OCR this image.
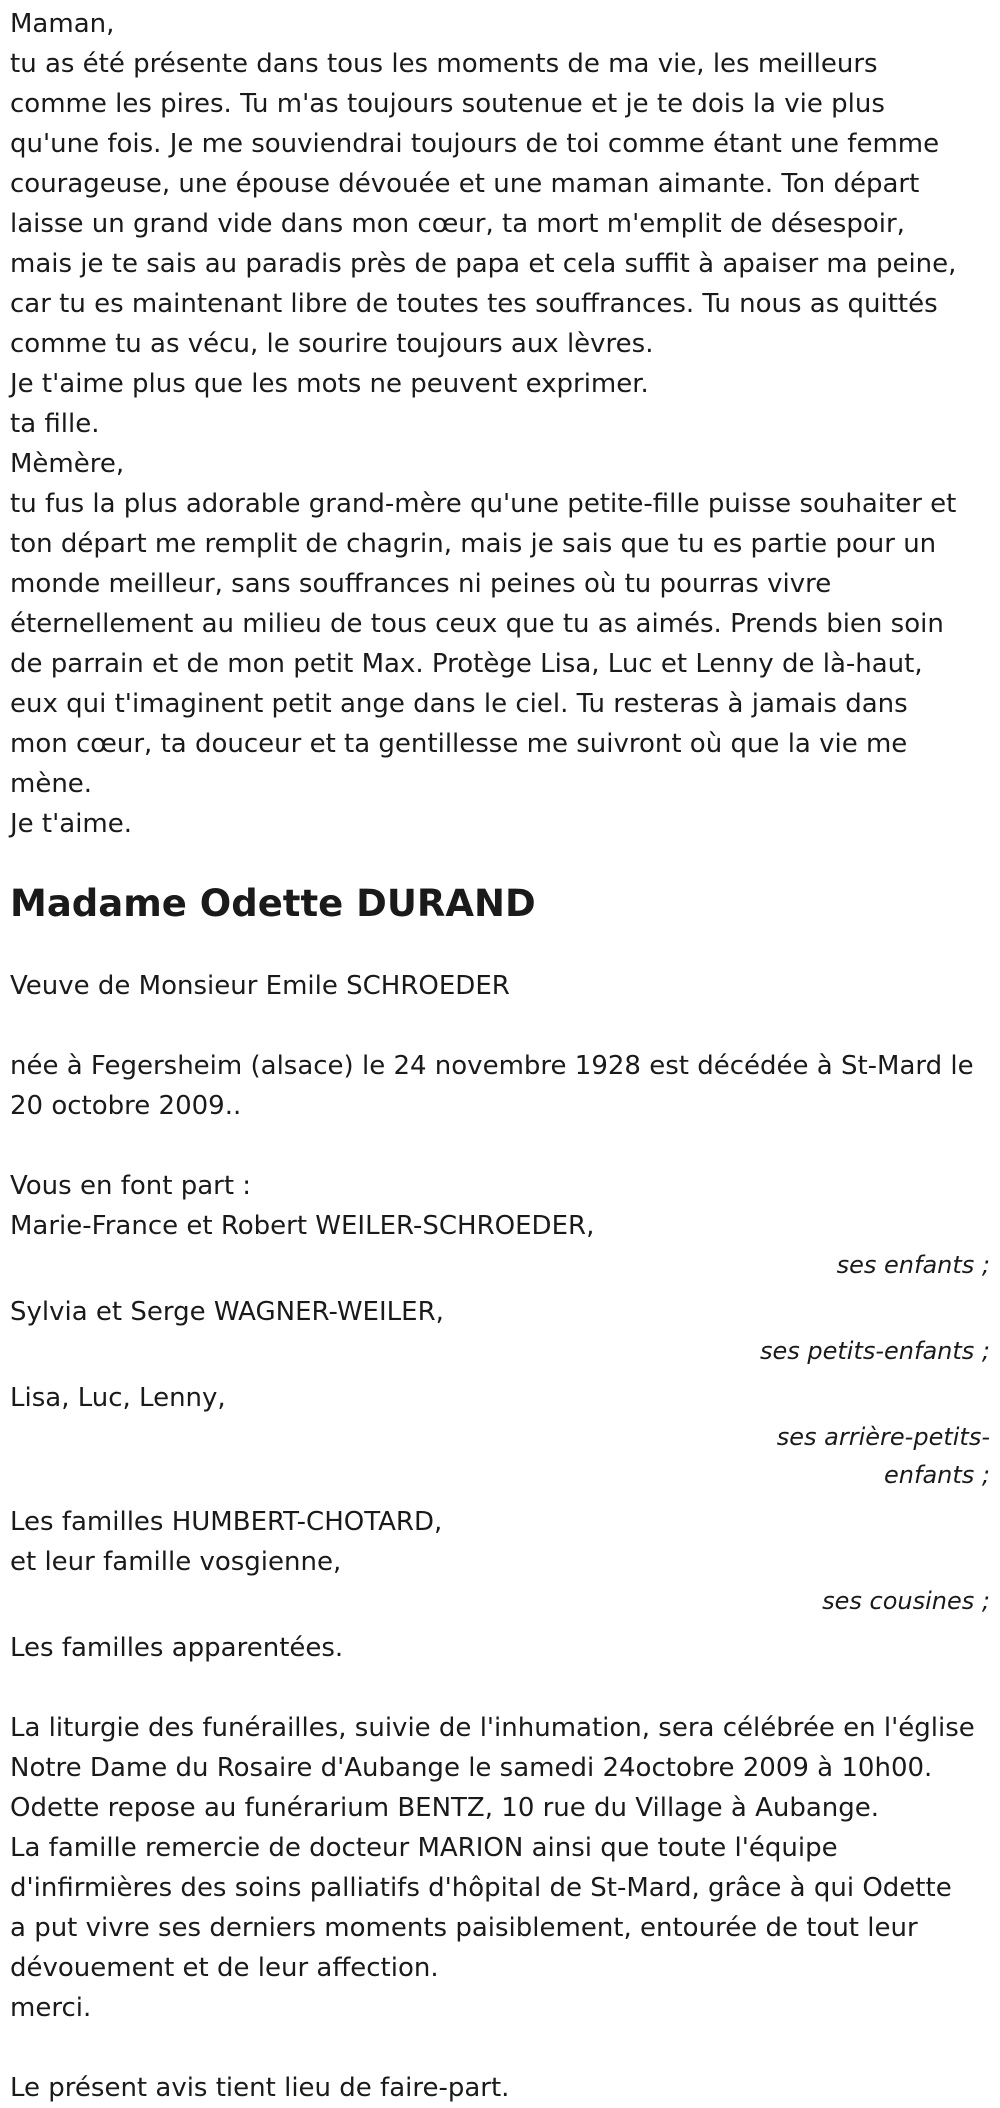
Maman,

tu as été présente dans tous les moments de ma vie, les meilleurs

comme les pires. Tu m'as toujours soutenue et je te dois la vie plus

qu'une fois. Je me souviendrai toujours de toi comme étant une femme

courageuse, une épouse dévouée et une maman aimante. Ton départ

laisse un grand vide dans mon cœur, ta mort m'emplit de désespoir,

mais je te sais au paradis près de papa et cela suffit à apaiser ma peine,

car tu es maintenant libre de toutes tes souffrances. Tu nous as quittés

comme tu as vécu, le sourire toujours aux lèvres.

Je t'aime plus que les mots ne peuvent exprimer.

ta fille.

Mèmère,

tu fus la plus adorable grand-mère qu'une petite-fille puisse souhaiter et

ton départ me remplit de chagrin, mais je sais que tu es partie pour un

monde meilleur, sans souffrances ni peines où tu pourras vivre

éternellement au milieu de tous ceux que tu as aimés. Prends bien soin

de parrain et de mon petit Max. Protège Lisa, Luc et Lenny de là-haut,

eux qui t'imaginent petit ange dans le ciel. Tu resteras à jamais dans

mon cœur, ta douceur et ta gentillesse me suivront où que la vie me

mène.

Je t'aime.

Madame Odette DURAND

Veuve de Monsieur Emile SCHROEDER

née à Fegersheim (alsace) le 24 novembre 1928 est décédée à St-Mard le

20 octobre 2009..

Vous en font part :

Marie-France et Robert WEILER-SCHROEDER,

ses enfants ;

Sylvia et Serge WAGNER-WEILER,

ses petits-enfants ;

Lisa, Luc, Lenny,

ses arrière-petits-

enfants ;

Les familles HUMBERT-CHOTARD,

et leur famille vosgienne,

ses cousines ;

Les familles apparentées.

La liturgie des funérailles, suivie de l'inhumation, sera célébrée en l'église

Notre Dame du Rosaire d'Aubange le samedi 24octobre 2009 à 10h00.

Odette repose au funérarium BENTZ, 10 rue du Village à Aubange.

La famille remercie de docteur MARION ainsi que toute l'équipe

d'infirmières des soins palliatifs d'hôpital de St-Mard, grâce à qui Odette

a put vivre ses derniers moments paisiblement, entourée de tout leur

dévouement et de leur affection.

merci.

Le présent avis tient lieu de faire-part.
